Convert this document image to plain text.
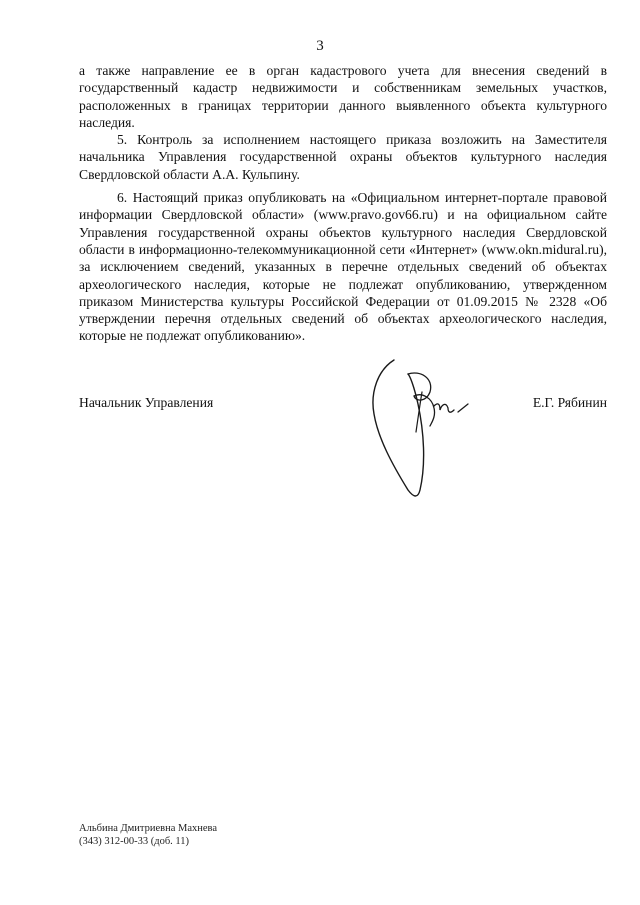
3

а также направление ее в орган кадастрового учета для внесения сведений в государственный кадастр недвижимости и собственникам земельных участков, расположенных в границах территории данного выявленного объекта культурного наследия.

5. Контроль за исполнением настоящего приказа возложить на Заместителя начальника Управления государственной охраны объектов культурного наследия Свердловской области А.А. Кульпину.

6. Настоящий приказ опубликовать на «Официальном интернет-портале правовой информации Свердловской области» (www.pravo.gov66.ru) и на официальном сайте Управления государственной охраны объектов культурного наследия Свердловской области в информационно-телекоммуникационной сети «Интернет» (www.okn.midural.ru), за исключением сведений, указанных в перечне отдельных сведений об объектах археологического наследия, которые не подлежат опубликованию, утвержденном приказом Министерства культуры Российской Федерации от 01.09.2015 № 2328 «Об утверждении перечня отдельных сведений об объектах археологического наследия, которые не подлежат опубликованию».

Начальник Управления	Е.Г. Рябинин
Альбина Дмитриевна Махнева
(343) 312-00-33 (доб. 11)
